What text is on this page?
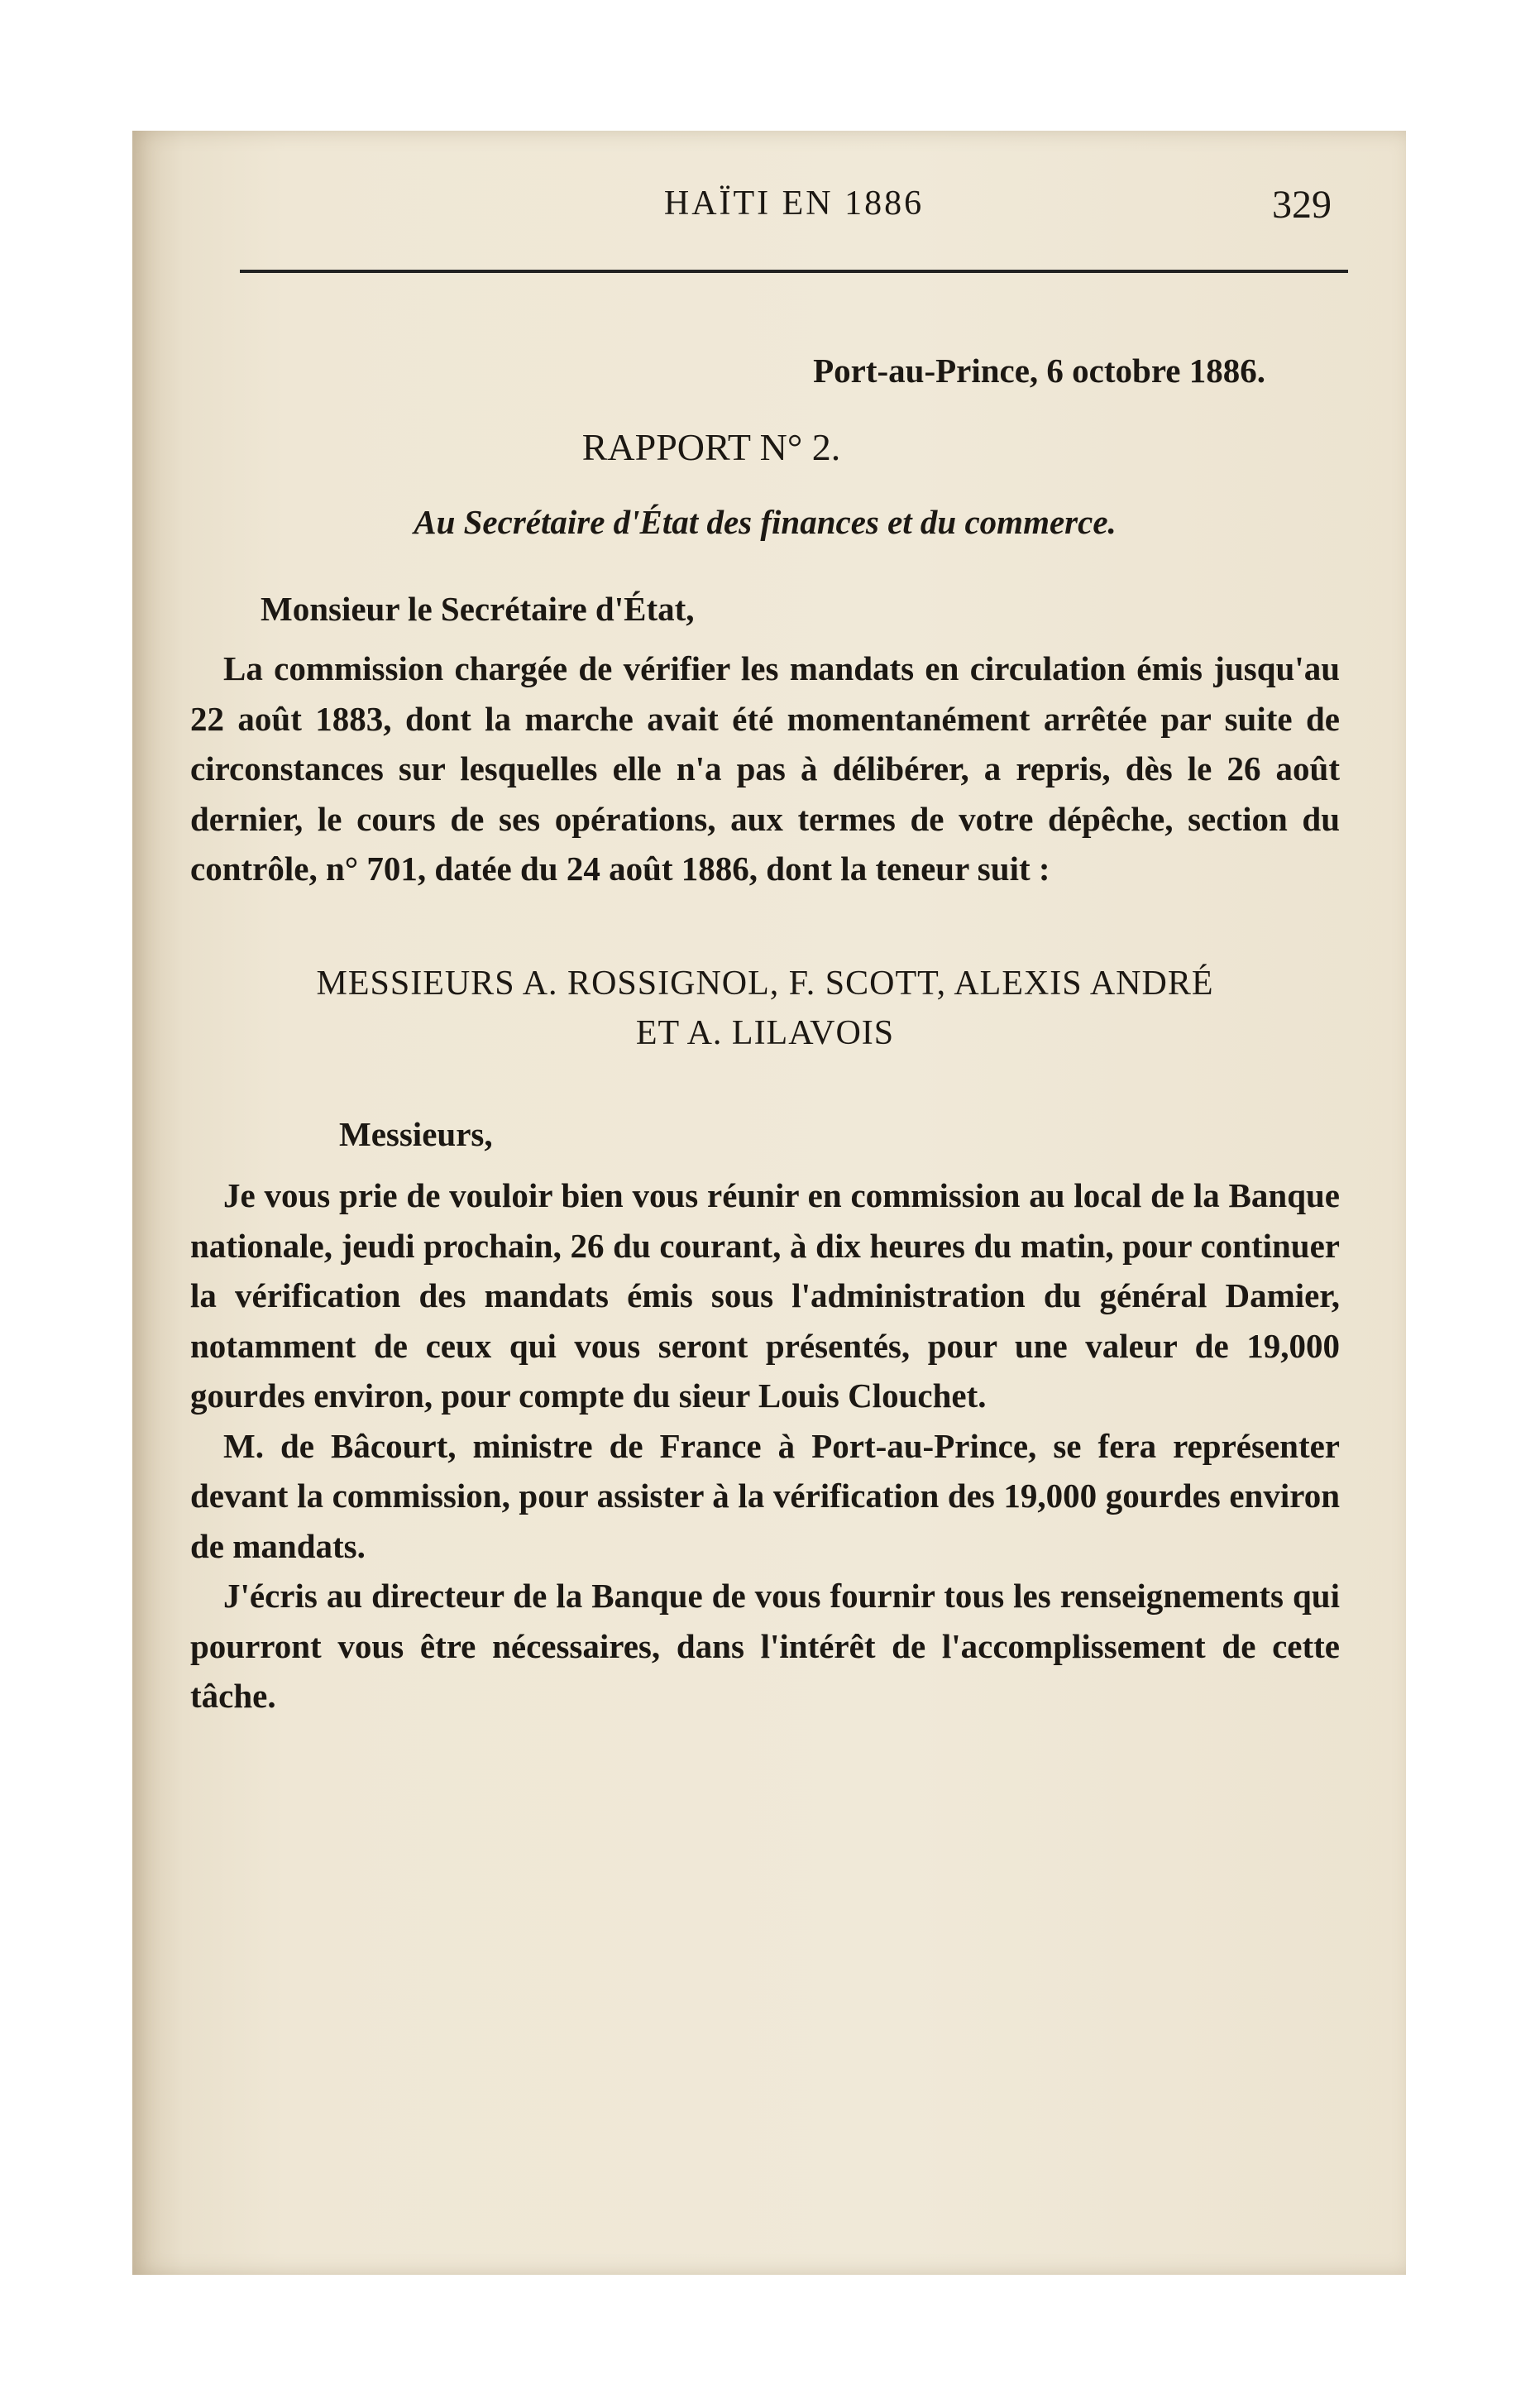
HAÏTI EN 1886	329

Port-au-Prince, 6 octobre 1886.

RAPPORT N° 2.

Au Secrétaire d'État des finances et du commerce.

Monsieur le Secrétaire d'État,

La commission chargée de vérifier les mandats en circulation émis jusqu'au 22 août 1883, dont la marche avait été momentanément arrêtée par suite de circonstances sur lesquelles elle n'a pas à délibérer, a repris, dès le 26 août dernier, le cours de ses opérations, aux termes de votre dépêche, section du contrôle, n° 701, datée du 24 août 1886, dont la teneur suit :

MESSIEURS A. ROSSIGNOL, F. SCOTT, ALEXIS ANDRÉ

ET A. LILAVOIS

Messieurs,

Je vous prie de vouloir bien vous réunir en commission au local de la Banque nationale, jeudi prochain, 26 du courant, à dix heures du matin, pour continuer la vérification des mandats émis sous l'administration du général Damier, notamment de ceux qui vous seront présentés, pour une valeur de 19,000 gourdes environ, pour compte du sieur Louis Clouchet.

M. de Bâcourt, ministre de France à Port-au-Prince, se fera représenter devant la commission, pour assister à la vérification des 19,000 gourdes environ de mandats.

J'écris au directeur de la Banque de vous fournir tous les renseignements qui pourront vous être nécessaires, dans l'intérêt de l'accomplissement de cette tâche.
